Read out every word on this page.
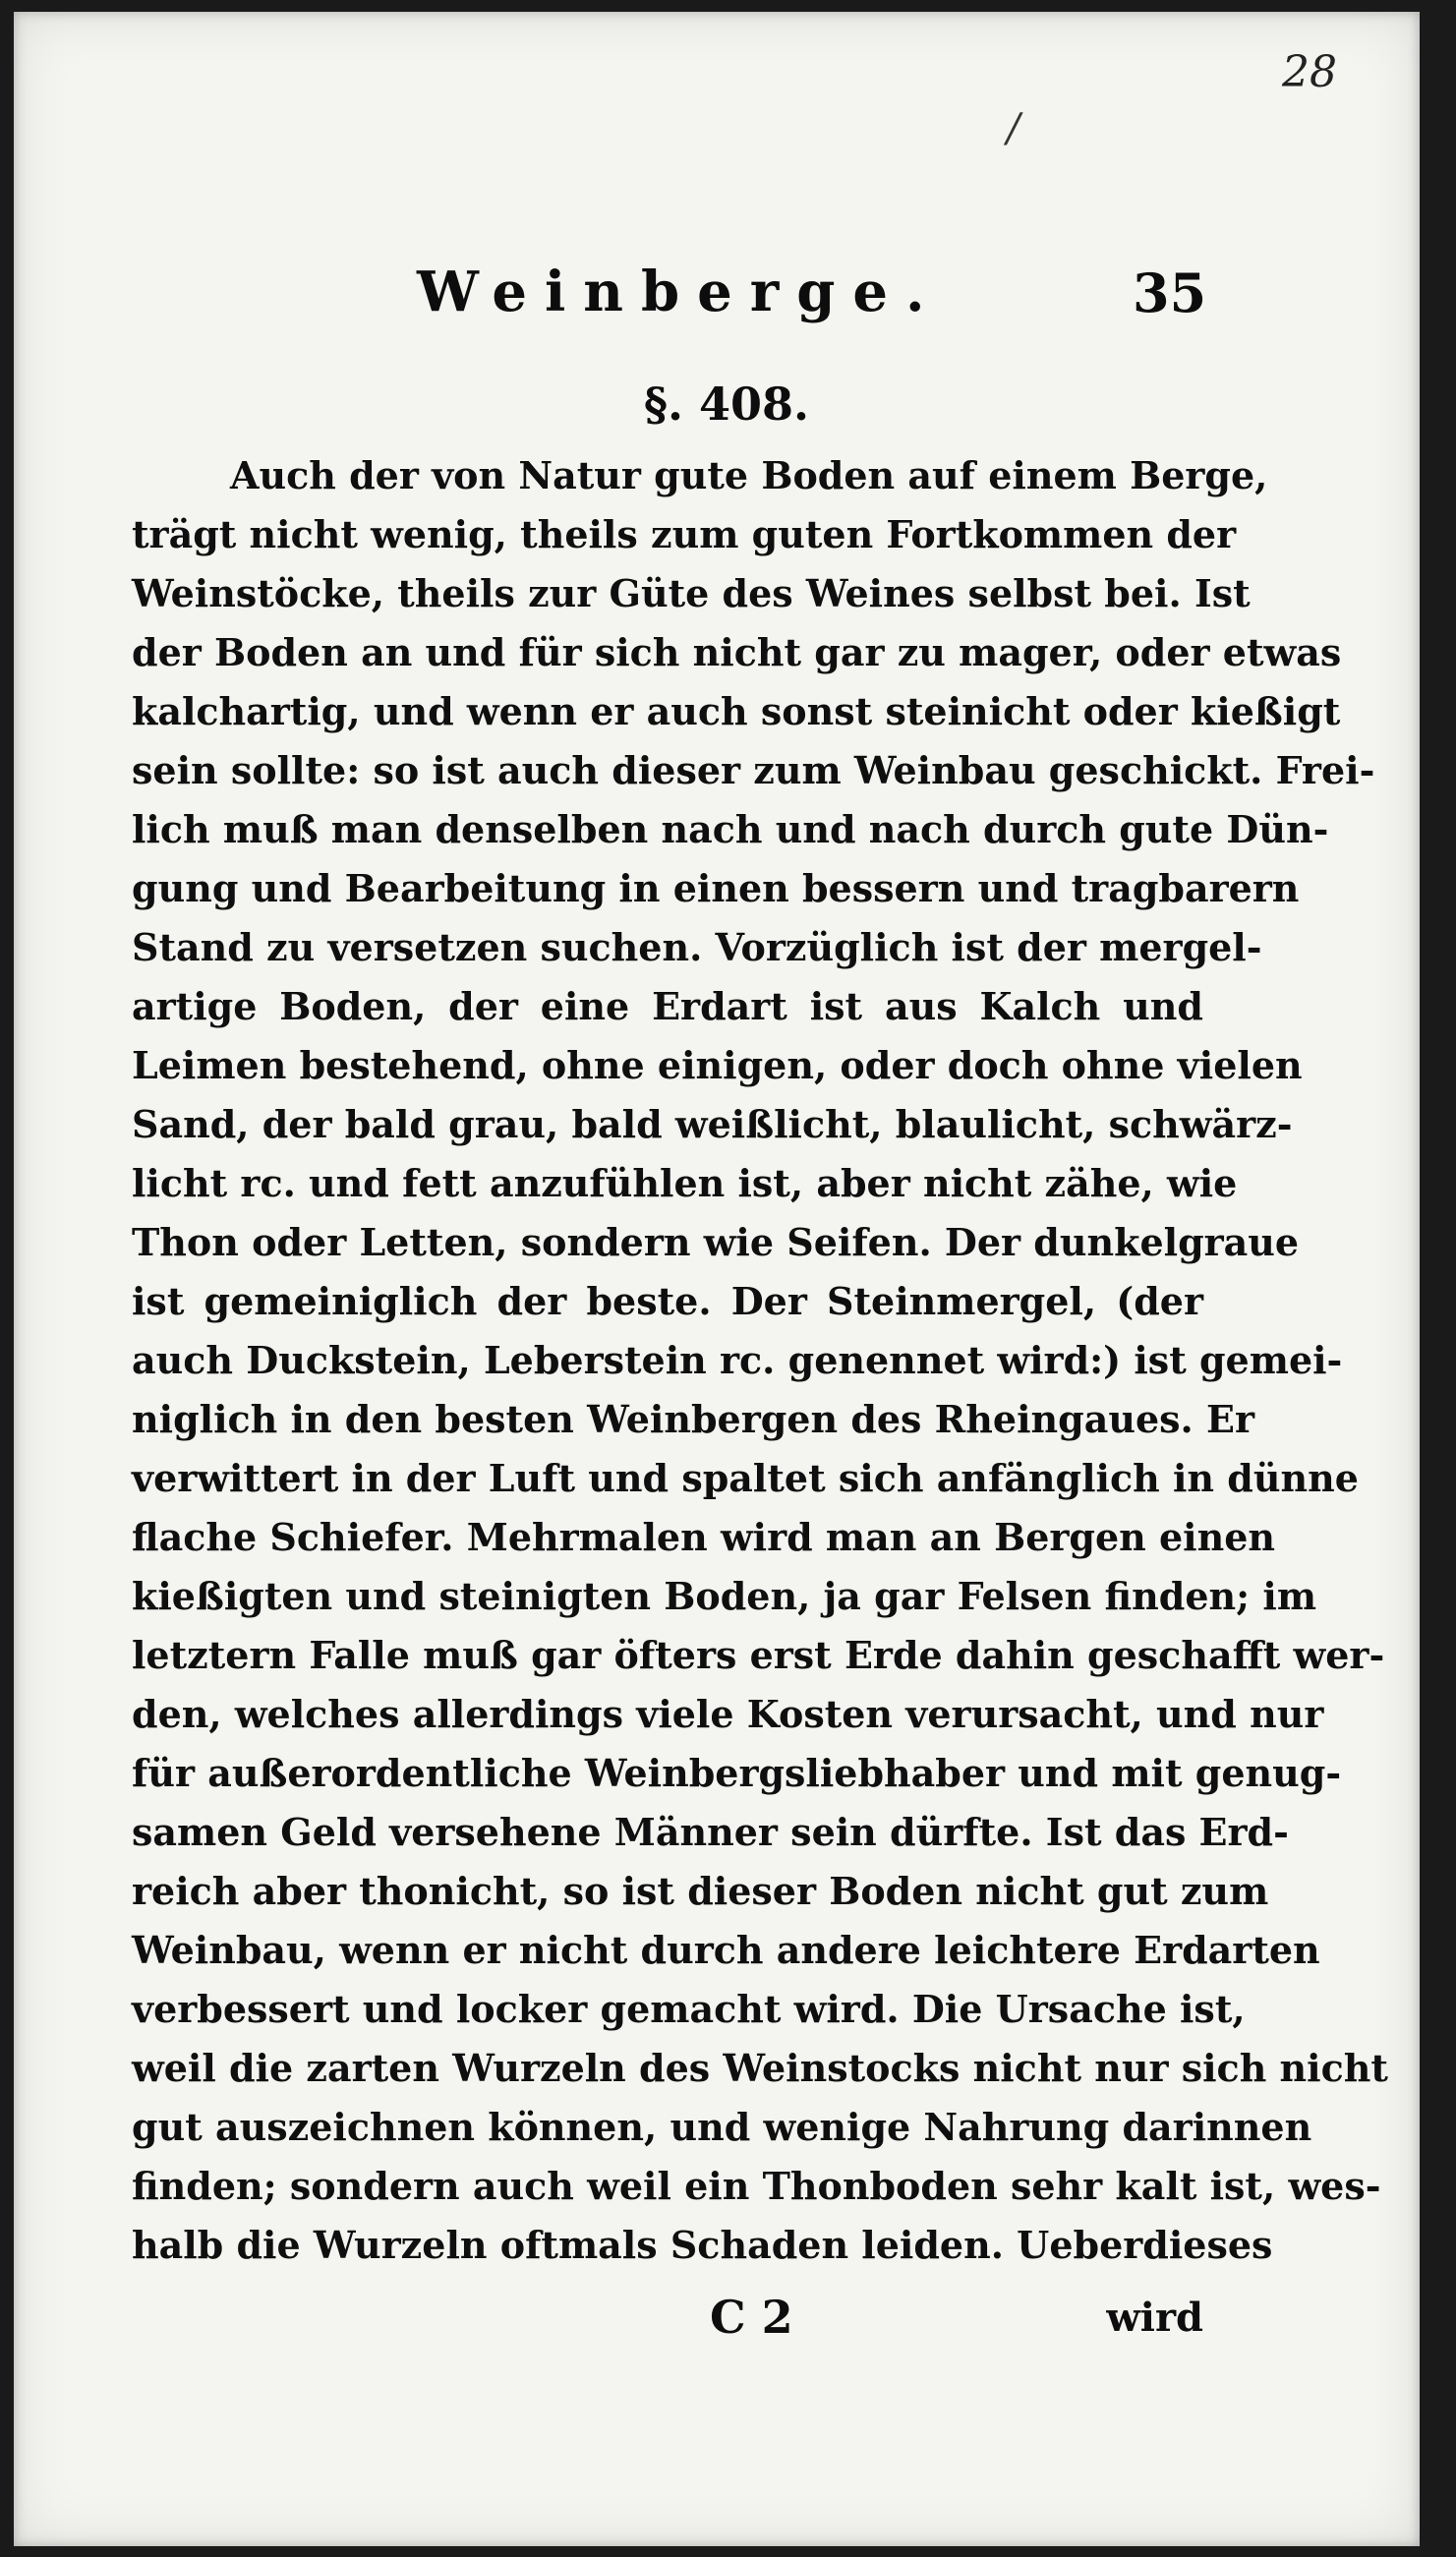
28
/
Weinberge.	35
§. 408.
Auch der von Natur gute Boden auf einem Berge,
trägt nicht wenig, theils zum guten Fortkommen der
Weinstöcke, theils zur Güte des Weines selbst bei. Ist
der Boden an und für sich nicht gar zu mager, oder etwas
kalchartig, und wenn er auch sonst steinicht oder kießigt
sein sollte: so ist auch dieser zum Weinbau geschickt. Frei-
lich muß man denselben nach und nach durch gute Dün-
gung und Bearbeitung in einen bessern und tragbarern
Stand zu versetzen suchen. Vorzüglich ist der mergel-
artige Boden, der eine Erdart ist aus Kalch und
Leimen bestehend, ohne einigen, oder doch ohne vielen
Sand, der bald grau, bald weißlicht, blaulicht, schwärz-
licht rc. und fett anzufühlen ist, aber nicht zähe, wie
Thon oder Letten, sondern wie Seifen. Der dunkelgraue
ist gemeiniglich der beste. Der Steinmergel, (der
auch Duckstein, Leberstein rc. genennet wird:) ist gemei-
niglich in den besten Weinbergen des Rheingaues. Er
verwittert in der Luft und spaltet sich anfänglich in dünne
flache Schiefer. Mehrmalen wird man an Bergen einen
kießigten und steinigten Boden, ja gar Felsen finden; im
letztern Falle muß gar öfters erst Erde dahin geschafft wer-
den, welches allerdings viele Kosten verursacht, und nur
für außerordentliche Weinbergsliebhaber und mit genug-
samen Geld versehene Männer sein dürfte. Ist das Erd-
reich aber thonicht, so ist dieser Boden nicht gut zum
Weinbau, wenn er nicht durch andere leichtere Erdarten
verbessert und locker gemacht wird. Die Ursache ist,
weil die zarten Wurzeln des Weinstocks nicht nur sich nicht
gut auszeichnen können, und wenige Nahrung darinnen
finden; sondern auch weil ein Thonboden sehr kalt ist, wes-
halb die Wurzeln oftmals Schaden leiden. Ueberdieses
C 2	wird
